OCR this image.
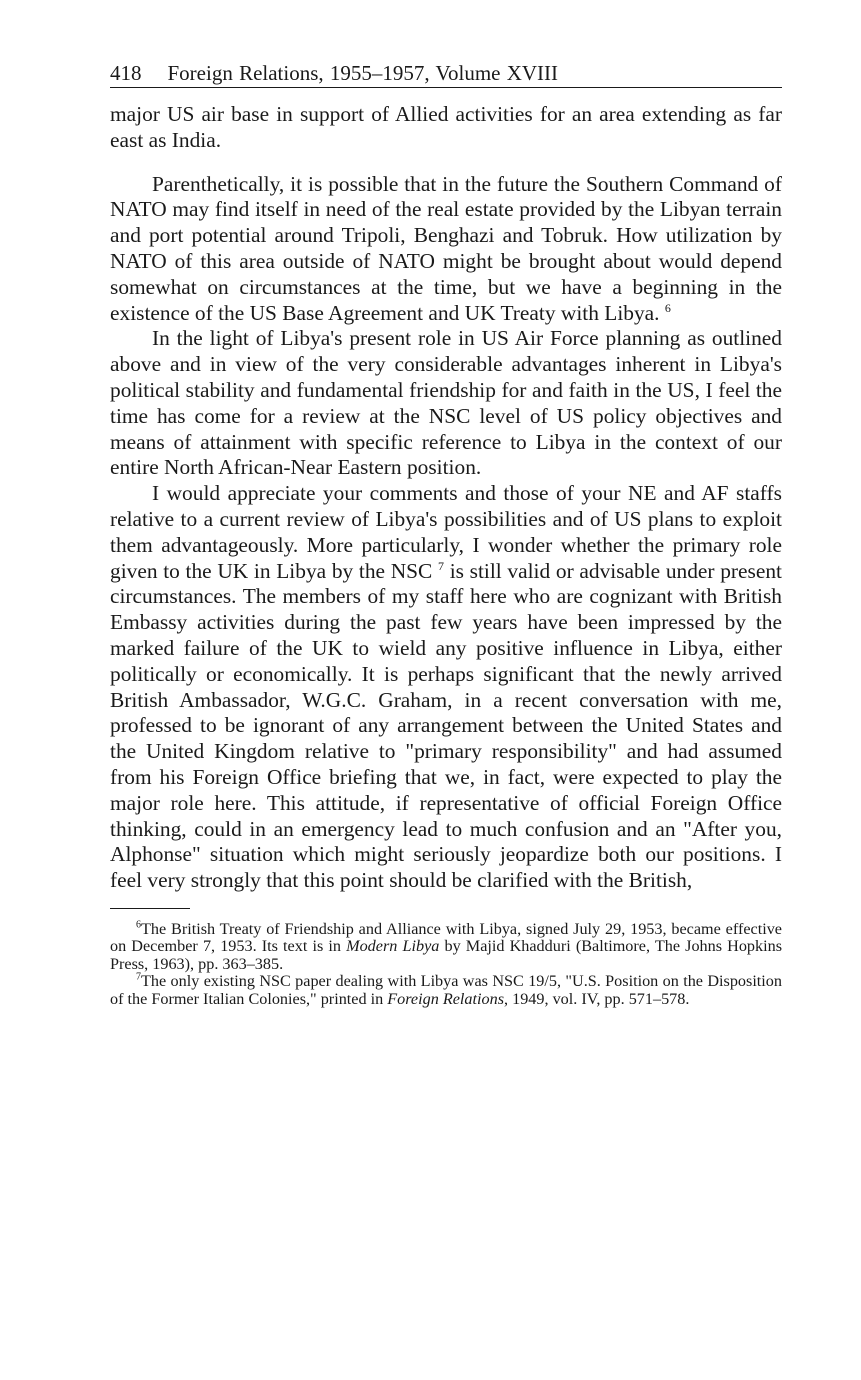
418 Foreign Relations, 1955–1957, Volume XVIII

major US air base in support of Allied activities for an area extending as far east as India.

Parenthetically, it is possible that in the future the Southern Command of NATO may find itself in need of the real estate provided by the Libyan terrain and port potential around Tripoli, Benghazi and Tobruk. How utilization by NATO of this area outside of NATO might be brought about would depend somewhat on circumstances at the time, but we have a beginning in the existence of the US Base Agreement and UK Treaty with Libya. $^6$

In the light of Libya's present role in US Air Force planning as outlined above and in view of the very considerable advantages inherent in Libya's political stability and fundamental friendship for and faith in the US, I feel the time has come for a review at the NSC level of US policy objectives and means of attainment with specific reference to Libya in the context of our entire North African-Near Eastern position.

I would appreciate your comments and those of your NE and AF staffs relative to a current review of Libya's possibilities and of US plans to exploit them advantageously. More particularly, I wonder whether the primary role given to the UK in Libya by the NSC $^7$ is still valid or advisable under present circumstances. The members of my staff here who are cognizant with British Embassy activities during the past few years have been impressed by the marked failure of the UK to wield any positive influence in Libya, either politically or economically. It is perhaps significant that the newly arrived British Ambassador, W.G.C. Graham, in a recent conversation with me, professed to be ignorant of any arrangement between the United States and the United Kingdom relative to "primary responsibility" and had assumed from his Foreign Office briefing that we, in fact, were expected to play the major role here. This attitude, if representative of official Foreign Office thinking, could in an emergency lead to much confusion and an "After you, Alphonse" situation which might seriously jeopardize both our positions. I feel very strongly that this point should be clarified with the British,

$^6$The British Treaty of Friendship and Alliance with Libya, signed July 29, 1953, became effective on December 7, 1953. Its text is in Modern Libya by Majid Khadduri (Baltimore, The Johns Hopkins Press, 1963), pp. 363–385.

$^7$The only existing NSC paper dealing with Libya was NSC 19/5, "U.S. Position on the Disposition of the Former Italian Colonies," printed in Foreign Relations, 1949, vol. IV, pp. 571–578.
